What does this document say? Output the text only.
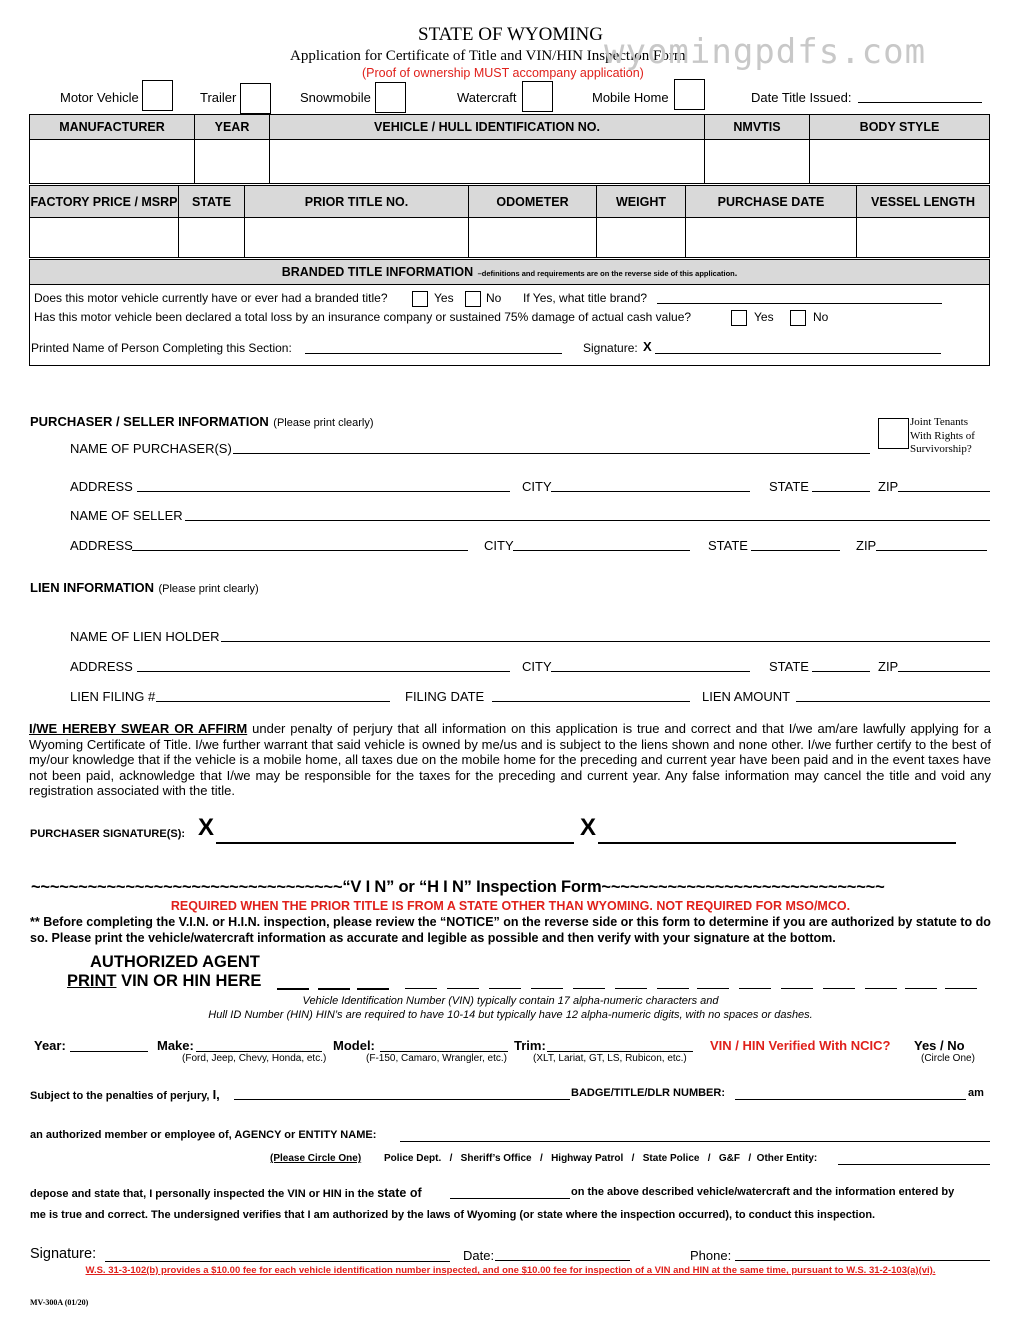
STATE OF WYOMING
Application for Certificate of Title and VIN/HIN Inspection Form
(Proof of ownership MUST accompany application)
wyomingpdfs.com
Motor Vehicle	Trailer	Snowmobile	Watercraft	Mobile Home	Date Title Issued:
MANUFACTURER	YEAR	VEHICLE / HULL IDENTIFICATION NO.	NMVTIS	BODY STYLE

FACTORY PRICE / MSRP	STATE	PRIOR TITLE NO.	ODOMETER	WEIGHT	PURCHASE DATE	VESSEL LENGTH

BRANDED TITLE INFORMATION –definitions and requirements are on the reverse side of this application.
Does this motor vehicle currently have or ever had a branded title?	Yes	No If Yes, what title brand?
Has this motor vehicle been declared a total loss by an insurance company or sustained 75% damage of actual cash value?	Yes	No
Printed Name of Person Completing this Section:	Signature: X
PURCHASER / SELLER INFORMATION (Please print clearly)	Joint Tenants With Rights of Survivorship?
NAME OF PURCHASER(S)
ADDRESS	CITY	STATE	ZIP
NAME OF SELLER
ADDRESS	CITY	STATE	ZIP
LIEN INFORMATION (Please print clearly)
NAME OF LIEN HOLDER
ADDRESS	CITY	STATE	ZIP
LIEN FILING #	FILING DATE	LIEN AMOUNT
I/WE HEREBY SWEAR OR AFFIRM under penalty of perjury that all information on this application is true and correct and that I/we am/are lawfully applying for a Wyoming Certificate of Title. I/we further warrant that said vehicle is owned by me/us and is subject to the liens shown and none other. I/we further certify to the best of my/our knowledge that if the vehicle is a mobile home, all taxes due on the mobile home for the preceding and current year have been paid and in the event taxes have not been paid, acknowledge that I/we may be responsible for the taxes for the preceding and current year. Any false information may cancel the title and void any registration associated with the title.
PURCHASER SIGNATURE(S): X	X
~~~~~~~~~~~~~~~~~~~~~~~~~~~~~~~~~“V I N” or “H I N” Inspection Form~~~~~~~~~~~~~~~~~~~~~~~~~~~~~~
REQUIRED WHEN THE PRIOR TITLE IS FROM A STATE OTHER THAN WYOMING. NOT REQUIRED FOR MSO/MCO.
** Before completing the V.I.N. or H.I.N. inspection, please review the “NOTICE” on the reverse side or this form to determine if you are authorized by statute to do so. Please print the vehicle/watercraft information as accurate and legible as possible and then verify with your signature at the bottom.
AUTHORIZED AGENT
PRINT VIN OR HIN HERE
Vehicle Identification Number (VIN) typically contain 17 alpha-numeric characters and
Hull ID Number (HIN) HIN’s are required to have 10-14 but typically have 12 alpha-numeric digits, with no spaces or dashes.
Year:	Make:
(Ford, Jeep, Chevy, Honda, etc.)
Model:
(F-150, Camaro, Wrangler, etc.)
Trim:
(XLT, Lariat, GT, LS, Rubicon, etc.)
VIN / HIN Verified With NCIC? Yes / No
(Circle One)
Subject to the penalties of perjury, I,	BADGE/TITLE/DLR NUMBER:	am
an authorized member or employee of, AGENCY or ENTITY NAME:
(Please Circle One) Police Dept.   /   Sheriff’s Office   /   Highway Patrol   /   State Police   /   G&F   /  Other Entity:
depose and state that, I personally inspected the VIN or HIN in the state of	on the above described vehicle/watercraft and the information entered by
me is true and correct. The undersigned verifies that I am authorized by the laws of Wyoming (or state where the inspection occurred), to conduct this inspection.
Signature:	Date:	Phone:
W.S. 31-3-102(b) provides a $10.00 fee for each vehicle identification number inspected, and one $10.00 fee for inspection of a VIN and HIN at the same time, pursuant to W.S. 31-2-103(a)(vi).
MV-300A (01/20)
